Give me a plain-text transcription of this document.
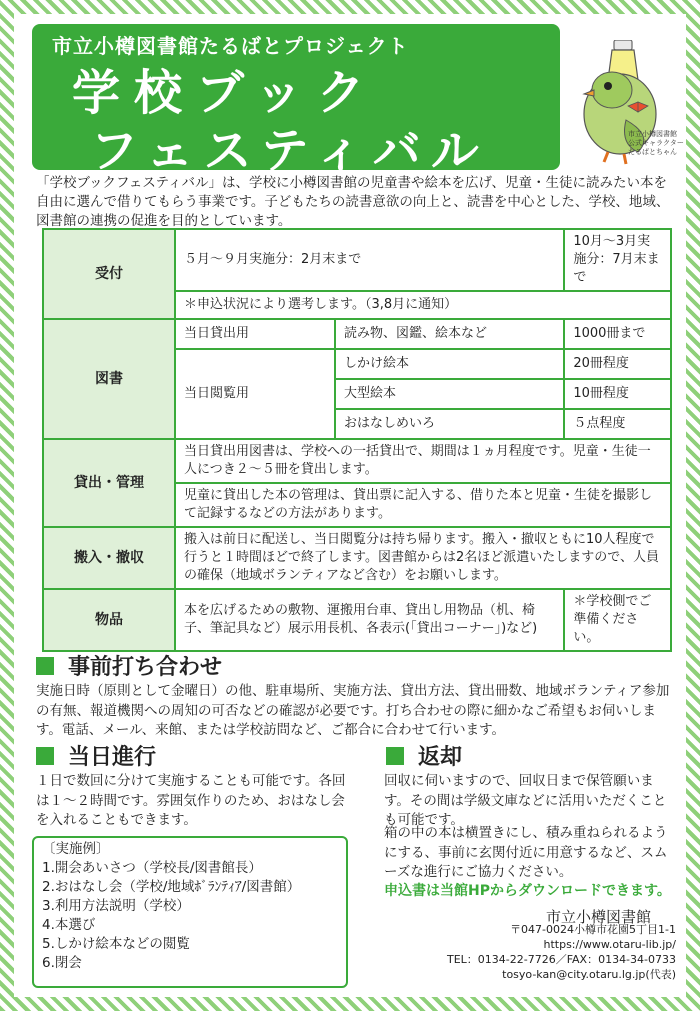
市立小樽図書館たるばとプロジェクト
学校ブック
フェスティバル	市立小樽図書館
公式キャラクター
たるばとちゃん
「学校ブックフェスティバル」は、学校に小樽図書館の児童書や絵本を広げ、児童・生徒に読みたい本を自由に選んで借りてもらう事業です。子どもたちの読書意欲の向上と、読書を中心とした、学校、地域、図書館の連携の促進を目的としています。
受付	５月〜９月実施分：2月末まで		10月〜3月実施分：7月末まで
	＊申込状況により選考します。（3,8月に通知）		
図書	当日貸出用	読み物、図鑑、絵本など	1000冊まで
	当日閲覧用	しかけ絵本	20冊程度
		大型絵本	10冊程度
		おはなしめいろ	５点程度
貸出・管理	当日貸出用図書は、学校への一括貸出で、期間は１ヵ月程度です。児童・生徒一人につき２〜５冊を貸出します。		
	児童に貸出した本の管理は、貸出票に記入する、借りた本と児童・生徒を撮影して記録するなどの方法があります。		
搬入・撤収	搬入は前日に配送し、当日閲覧分は持ち帰ります。搬入・撤収ともに10人程度で行うと１時間ほどで終了します。図書館からは2名ほど派遣いたしますので、人員の確保（地域ボランティアなど含む）をお願いします。		
物品	本を広げるための敷物、運搬用台車、貸出し用物品（机、椅子、筆記具など）展示用長机、各表示(｢貸出コーナー｣)など)		＊学校側でご準備ください。
事前打ち合わせ
実施日時（原則として金曜日）の他、駐車場所、実施方法、貸出方法、貸出冊数、地域ボランティア参加の有無、報道機関への周知の可否などの確認が必要です。打ち合わせの際に細かなご希望もお伺いします。電話、メール、来館、または学校訪問など、ご都合に合わせて行います。
当日進行
１日で数回に分けて実施することも可能です。各回は１〜２時間です。雰囲気作りのため、おはなし会を入れることもできます。
〔実施例〕
1.開会あいさつ（学校長/図書館長）
2.おはなし会（学校/地域ﾎﾞﾗﾝﾃｨｱ/図書館）
3.利用方法説明（学校）
4.本選び
5.しかけ絵本などの閲覧
6.閉会
返却
回収に伺いますので、回収日まで保管願います。その間は学級文庫などに活用いただくことも可能です。
箱の中の本は横置きにし、積み重ねられるようにする、事前に玄関付近に用意するなど、スムーズな進行にご協力ください。
申込書は当館HPからダウンロードできます。
市立小樽図書館
〒047-0024小樽市花園5丁目1-1
https://www.otaru-lib.jp/
TEL：0134-22-7726／FAX：0134-34-0733
tosyo-kan@city.otaru.lg.jp(代表)
